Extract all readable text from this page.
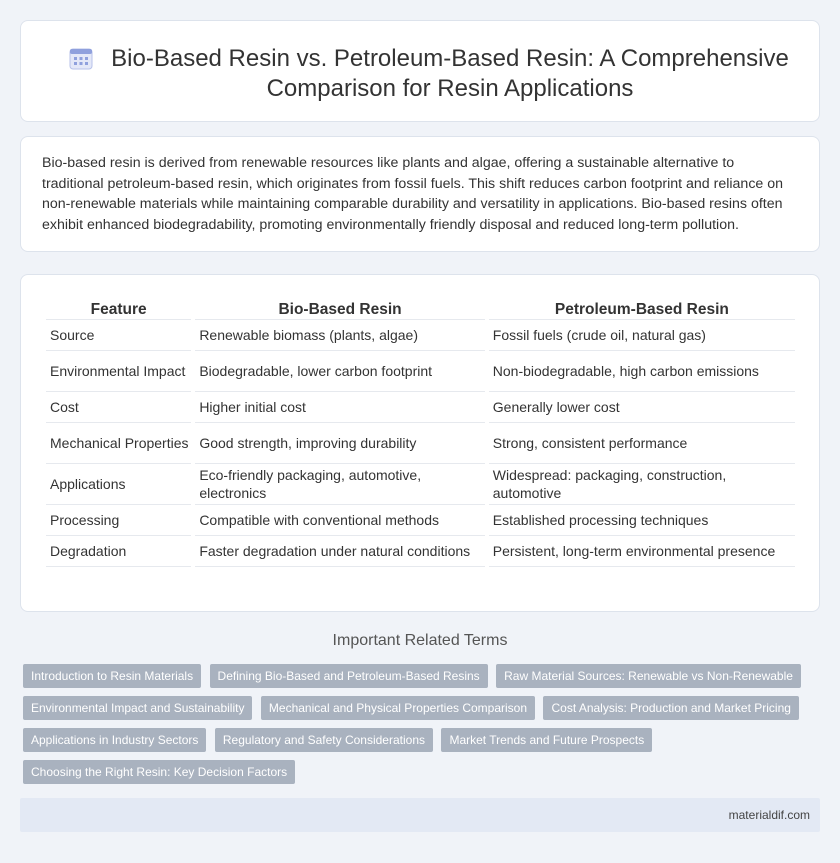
Bio-Based Resin vs. Petroleum-Based Resin: A Comprehensive Comparison for Resin Applications

Bio-based resin is derived from renewable resources like plants and algae, offering a sustainable alternative to traditional petroleum-based resin, which originates from fossil fuels. This shift reduces carbon footprint and reliance on non-renewable materials while maintaining comparable durability and versatility in applications. Bio-based resins often exhibit enhanced biodegradability, promoting environmentally friendly disposal and reduced long-term pollution.

Feature	Bio-Based Resin	Petroleum-Based Resin
Source	Renewable biomass (plants, algae)	Fossil fuels (crude oil, natural gas)
Environmental Impact	Biodegradable, lower carbon footprint	Non-biodegradable, high carbon emissions
Cost	Higher initial cost	Generally lower cost
Mechanical Properties	Good strength, improving durability	Strong, consistent performance
Applications	Eco-friendly packaging, automotive, electronics	Widespread: packaging, construction, automotive
Processing	Compatible with conventional methods	Established processing techniques
Degradation	Faster degradation under natural conditions	Persistent, long-term environmental presence
Important Related Terms
Introduction to Resin Materials Defining Bio-Based and Petroleum-Based Resins Raw Material Sources: Renewable vs Non-Renewable Environmental Impact and Sustainability Mechanical and Physical Properties Comparison Cost Analysis: Production and Market Pricing Applications in Industry Sectors Regulatory and Safety Considerations Market Trends and Future Prospects Choosing the Right Resin: Key Decision Factors
materialdif.com
